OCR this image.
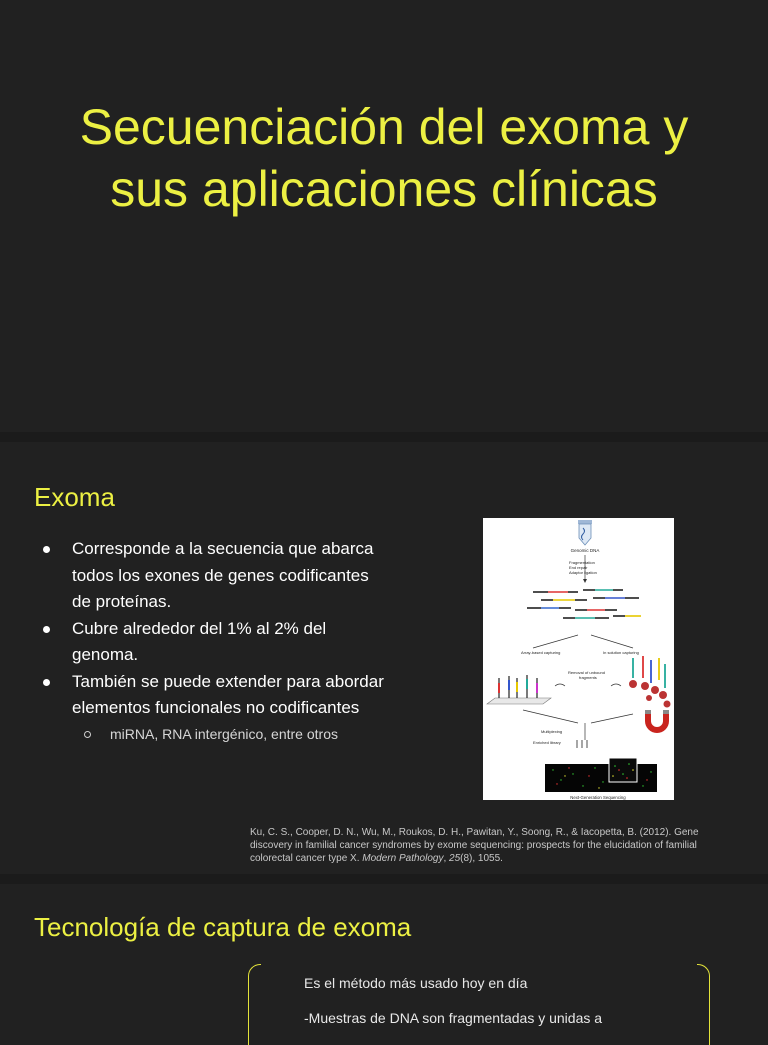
Secuenciación del exoma y
sus aplicaciones clínicas
Exoma
Corresponde a la secuencia que abarca todos los exones de genes codificantes de proteínas.
Cubre alrededor del 1% al 2% del genoma.
También se puede extender para abordar elementos funcionales no codificantes
miRNA, RNA intergénico, entre otros
Genomic DNA
Fragmentation
End repair
Adaptor ligation
Array-based capturing	In solution capturing
Removal of unbound
fragments
Multiplexing
Enriched library
Next-Generation Sequencing

Ku, C. S., Cooper, D. N., Wu, M., Roukos, D. H., Pawitan, Y., Soong, R., & Iacopetta, B. (2012). Gene discovery in familial cancer syndromes by exome sequencing: prospects for the elucidation of familial colorectal cancer type X. Modern Pathology, 25(8), 1055.

Tecnología de captura de exoma

Es el método más usado hoy en día

-Muestras de DNA son fragmentadas y unidas a
